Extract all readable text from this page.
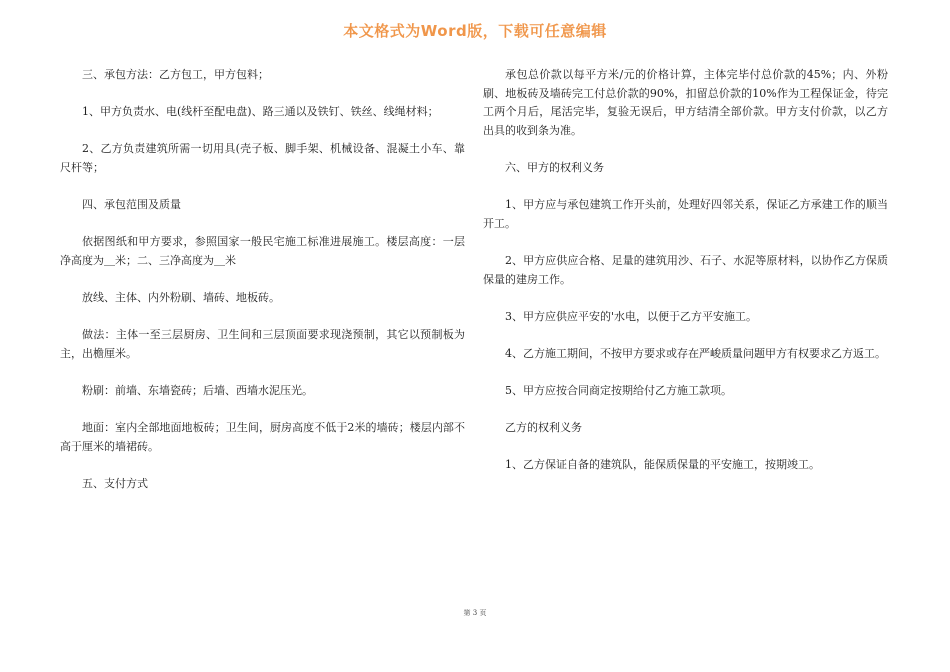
本文格式为Word版，下载可任意编辑

三、承包方法：乙方包工，甲方包料；

1、甲方负责水、电(线杆至配电盘)、路三通以及铁钉、铁丝、线绳材料；

2、乙方负责建筑所需一切用具(壳子板、脚手架、机械设备、混凝土小车、靠尺杆等；

四、承包范围及质量

依据图纸和甲方要求，参照国家一般民宅施工标准进展施工。楼层高度：一层净高度为＿米；二、三净高度为＿米

放线、主体、内外粉刷、墙砖、地板砖。

做法：主体一至三层厨房、卫生间和三层顶面要求现浇预制，其它以预制板为主，出檐厘米。

粉刷：前墙、东墙瓷砖；后墙、西墙水泥压光。

地面：室内全部地面地板砖；卫生间，厨房高度不低于2米的墙砖；楼层内部不高于厘米的墙裙砖。

五、支付方式

承包总价款以每平方米/元的价格计算，主体完毕付总价款的45%；内、外粉刷、地板砖及墙砖完工付总价款的90%，扣留总价款的10%作为工程保证金，待完工两个月后，尾活完毕，复验无误后，甲方结清全部价款。甲方支付价款，以乙方出具的收到条为准。

六、甲方的权利义务

1、甲方应与承包建筑工作开头前，处理好四邻关系，保证乙方承建工作的顺当开工。

2、甲方应供应合格、足量的建筑用沙、石子、水泥等原材料，以协作乙方保质保量的建房工作。

3、甲方应供应平安的'水电，以便于乙方平安施工。

4、乙方施工期间，不按甲方要求或存在严峻质量问题甲方有权要求乙方返工。

5、甲方应按合同商定按期给付乙方施工款项。

乙方的权利义务

1、乙方保证自备的建筑队，能保质保量的平安施工，按期竣工。

第 3 页
